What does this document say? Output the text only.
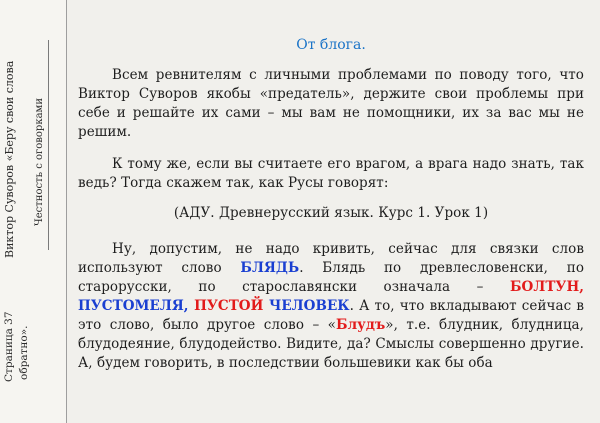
Виктор Суворов «Беру свои слова Честность с оговорками
Страница 37 обратно».
От блога.
Всем ревнителям с личными проблемами по поводу того, что Виктор Суворов якобы «предатель», держите свои проблемы при себе и решайте их сами – мы вам не помощники, их за вас мы не решим.
К тому же, если вы считаете его врагом, а врага надо знать, так ведь? Тогда скажем так, как Русы говорят:
(АДУ. Древнерусский язык. Курс 1. Урок 1)
Ну, допустим, не надо кривить, сейчас для связки слов используют слово БЛЯДЬ. Блядь по древлесловенски, по старорусски, по старославянски означала – БОЛТУН, ПУСТОМЕЛЯ, ПУСТОЙ ЧЕЛОВЕК. А то, что вкладывают сейчас в это слово, было другое слово – «Блудъ», т.е. блудник, блудница, блудодеяние, блудодейство. Видите, да? Смыслы совершенно другие. А, будем говорить, в последствии большевики как бы оба
